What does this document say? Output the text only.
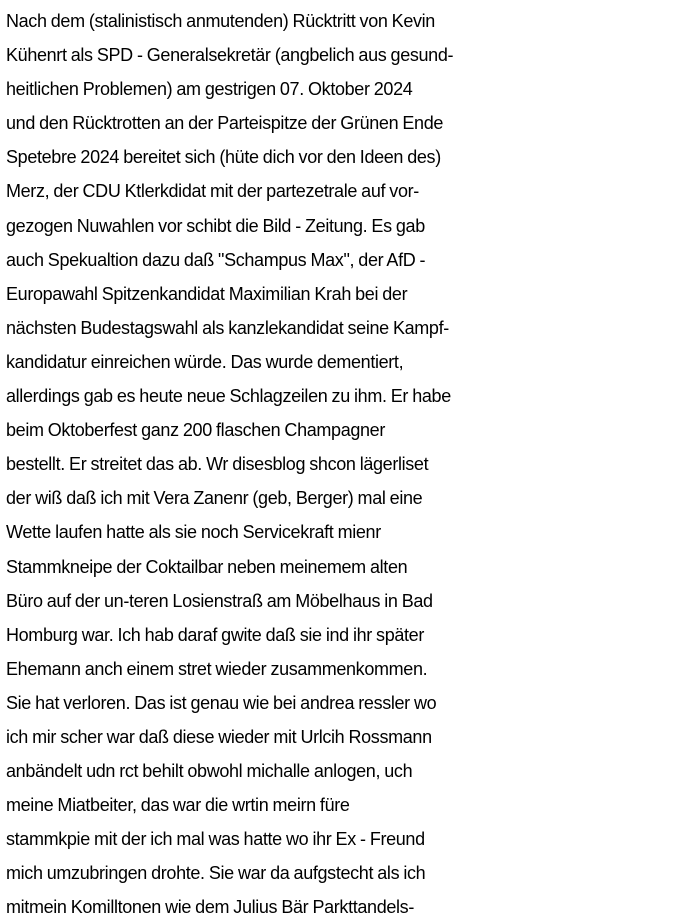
Nach dem (stalinistisch anmutenden) Rücktritt von Kevin
Kühenrt als SPD - Generalsekretär (angbelich aus gesund-
heitlichen Problemen) am gestrigen 07. Oktober 2024
und den Rücktrotten an der Parteispitze der Grünen Ende
Spetebre 2024 bereitet sich (hüte dich vor den Ideen des)
Merz, der CDU Ktlerkdidat mit der partezetrale auf vor-
gezogen Nuwahlen vor schibt die Bild - Zeitung. Es gab
auch Spekualtion dazu daß "Schampus Max", der AfD -
Europawahl Spitzenkandidat Maximilian Krah bei der
nächsten Budestagswahl als kanzlekandidat seine Kampf-
kandidatur einreichen würde. Das wurde dementiert,
allerdings gab es heute neue Schlagzeilen zu ihm. Er habe
beim Oktoberfest ganz 200 flaschen Champagner
bestellt. Er streitet das ab. Wr disesblog shcon lägerliset
der wiß daß ich mit Vera Zanenr (geb, Berger) mal eine
Wette laufen hatte als sie noch Servicekraft mienr
Stammkneipe der Coktailbar neben meinemem alten
Büro auf der un-teren Losienstraß am Möbelhaus in Bad
Homburg war. Ich hab daraf gwite daß sie ind ihr später
Ehemann anch einem stret wieder zusammenkommen.
Sie hat verloren. Das ist genau wie bei andrea ressler wo
ich mir scher war daß diese wieder mit Urlcih Rossmann
anbändelt udn rct behilt obwohl michalle anlogen, uch
meine Miatbeiter, das war die wrtin meirn füre
stammkpie mit der ich mal was hatte wo ihr Ex - Freund
mich umzubringen drohte. Sie war da aufgstecht als ich
mitmein Komilltonen wie dem Julius Bär Parkttandels-
